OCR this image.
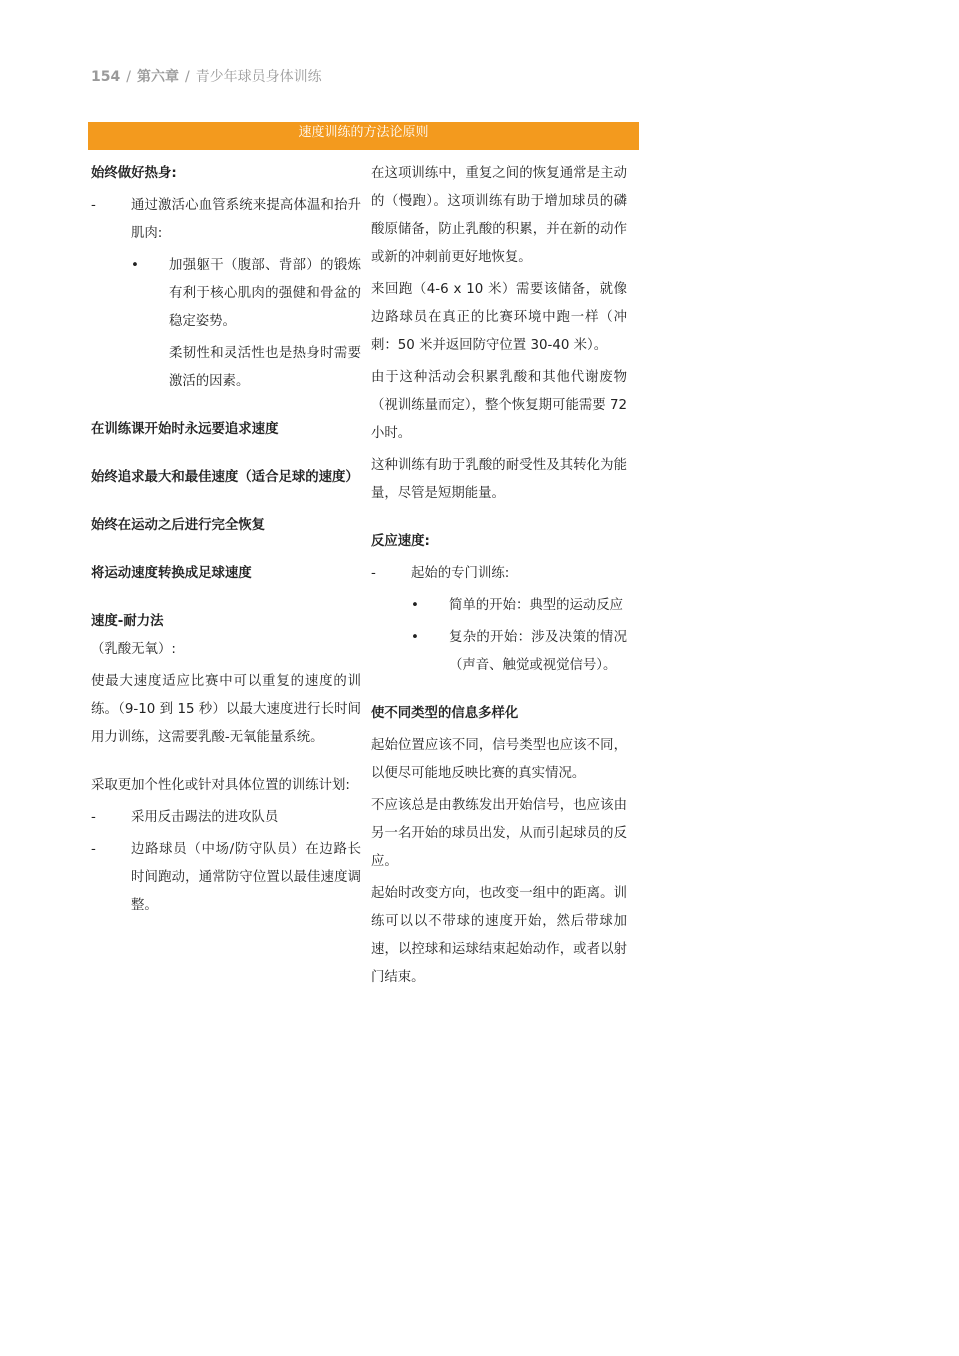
154 / 第六章 / 青少年球员身体训练
速度训练的方法论原则

始终做好热身:

-	通过激活心血管系统来提高体温和抬升肌肉:

• 加强躯干（腹部、背部）的锻炼有利于核心肌肉的强健和骨盆的稳定姿势。

柔韧性和灵活性也是热身时需要激活的因素。

在训练课开始时永远要追求速度

始终追求最大和最佳速度（适合足球的速度）

始终在运动之后进行完全恢复

将运动速度转换成足球速度

速度-耐力法

（乳酸无氧）:

使最大速度适应比赛中可以重复的速度的训练。（9-10 到 15 秒）以最大速度进行长时间用力训练，这需要乳酸-无氧能量系统。

采取更加个性化或针对具体位置的训练计划:

-	采用反击踢法的进攻队员

-	边路球员（中场/防守队员）在边路长时间跑动，通常防守位置以最佳速度调整。

在这项训练中，重复之间的恢复通常是主动的（慢跑）。这项训练有助于增加球员的磷酸原储备，防止乳酸的积累，并在新的动作或新的冲刺前更好地恢复。

来回跑（4-6 x 10 米）需要该储备，就像边路球员在真正的比赛环境中跑一样（冲刺：50 米并返回防守位置 30-40 米）。

由于这种活动会积累乳酸和其他代谢废物（视训练量而定），整个恢复期可能需要 72 小时。

这种训练有助于乳酸的耐受性及其转化为能量，尽管是短期能量。

反应速度:

-	起始的专门训练:

• 简单的开始：典型的运动反应

• 复杂的开始：涉及决策的情况（声音、触觉或视觉信号）。

使不同类型的信息多样化

起始位置应该不同，信号类型也应该不同，以便尽可能地反映比赛的真实情况。

不应该总是由教练发出开始信号，也应该由另一名开始的球员出发，从而引起球员的反应。

起始时改变方向，也改变一组中的距离。训练可以以不带球的速度开始，然后带球加速，以控球和运球结束起始动作，或者以射门结束。
